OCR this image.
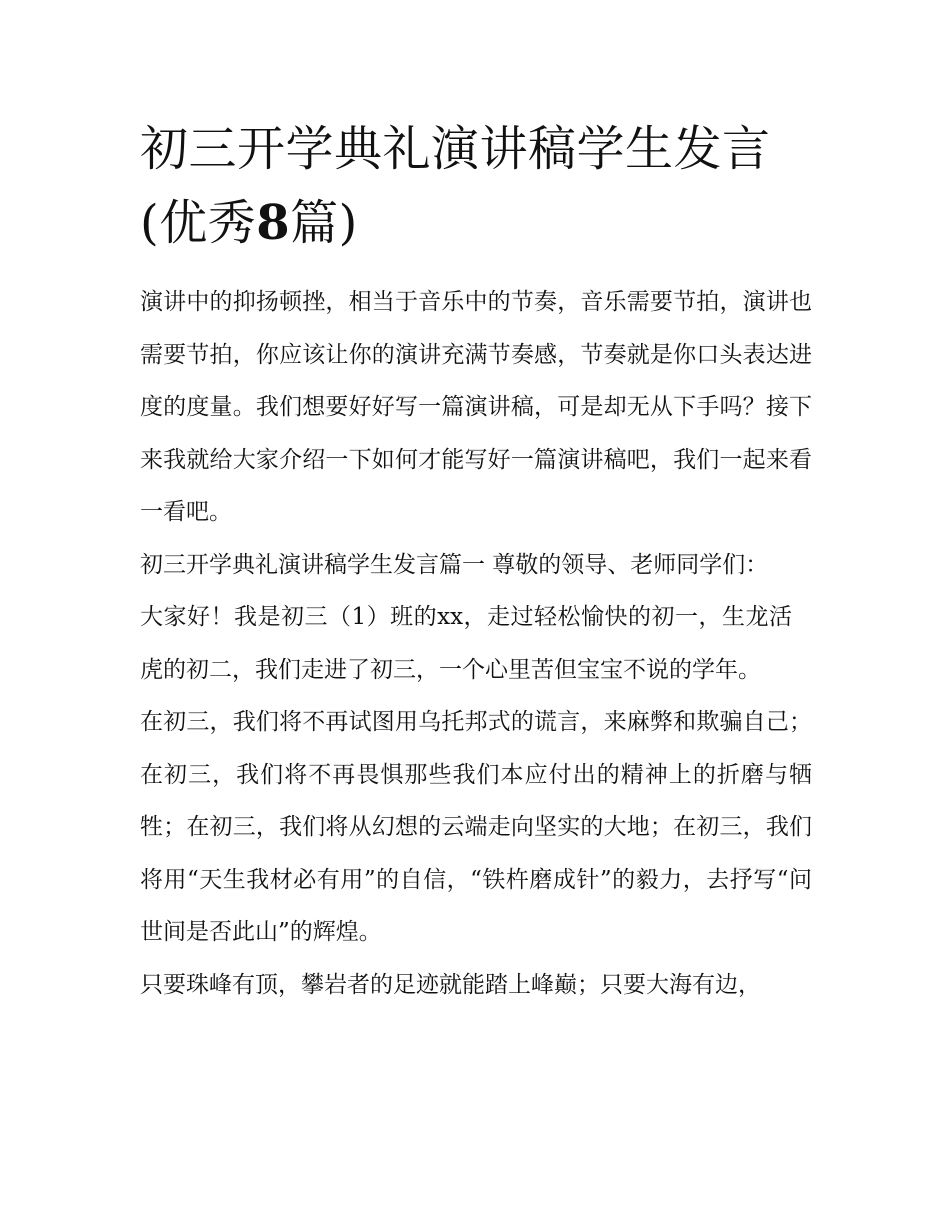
初三开学典礼演讲稿学生发言
(优秀8篇)

演讲中的抑扬顿挫，相当于音乐中的节奏，音乐需要节拍，演讲也需要节拍，你应该让你的演讲充满节奏感，节奏就是你口头表达进度的度量。我们想要好好写一篇演讲稿，可是却无从下手吗？接下来我就给大家介绍一下如何才能写好一篇演讲稿吧，我们一起来看一看吧。

初三开学典礼演讲稿学生发言篇一 尊敬的领导、老师同学们：

大家好！我是初三（1）班的xx，走过轻松愉快的初一，生龙活虎的初二，我们走进了初三，一个心里苦但宝宝不说的学年。

在初三，我们将不再试图用乌托邦式的谎言，来麻弊和欺骗自己；在初三，我们将不再畏惧那些我们本应付出的精神上的折磨与牺牲；在初三，我们将从幻想的云端走向坚实的大地；在初三，我们将用“天生我材必有用”的自信，“铁杵磨成针”的毅力，去抒写“问世间是否此山”的辉煌。

只要珠峰有顶，攀岩者的足迹就能踏上峰巅；只要大海有边，
